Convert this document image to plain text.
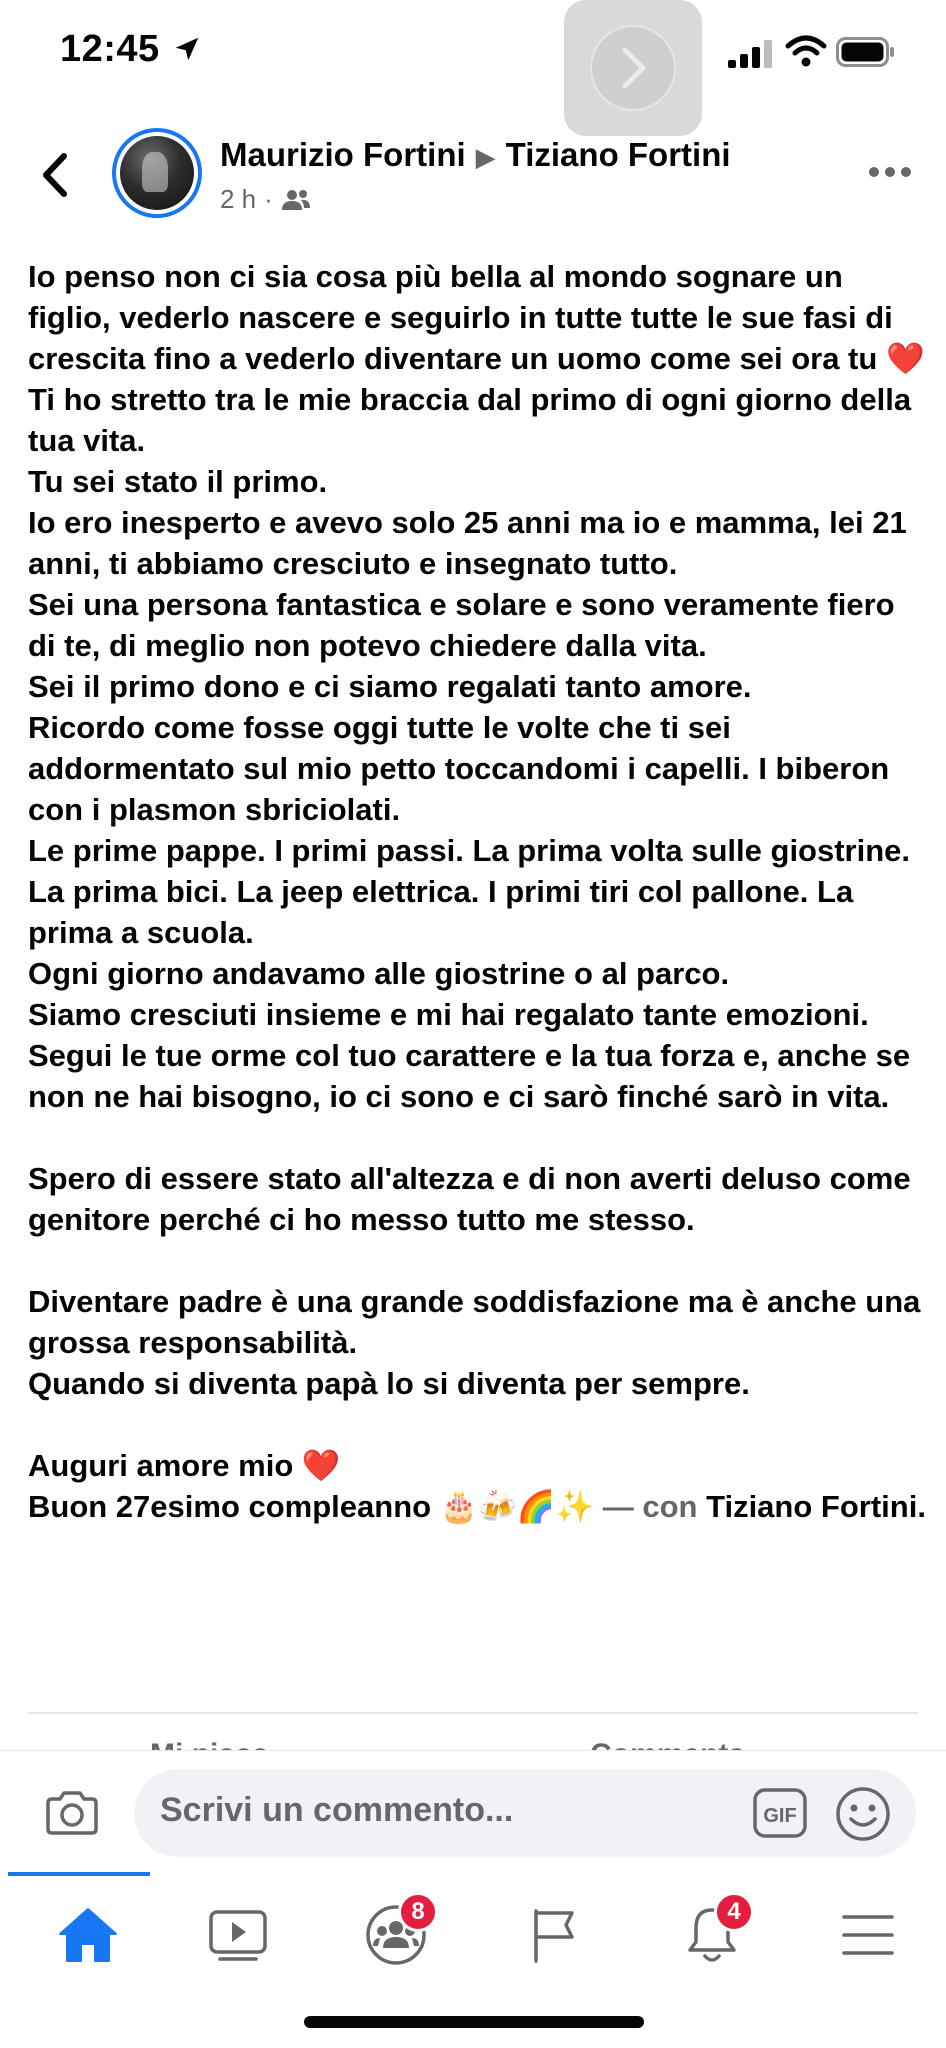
12:45
Maurizio Fortini ▶ Tiziano Fortini
2 h ·

Io penso non ci sia cosa più bella al mondo sognare un figlio, vederlo nascere e seguirlo in tutte tutte le sue fasi di crescita fino a vederlo diventare un uomo come sei ora tu ❤️

Ti ho stretto tra le mie braccia dal primo di ogni giorno della tua vita.

Tu sei stato il primo.

Io ero inesperto e avevo solo 25 anni ma io e mamma, lei 21 anni, ti abbiamo cresciuto e insegnato tutto.

Sei una persona fantastica e solare e sono veramente fiero di te, di meglio non potevo chiedere dalla vita.

Sei il primo dono e ci siamo regalati tanto amore.

Ricordo come fosse oggi tutte le volte che ti sei addormentato sul mio petto toccandomi i capelli. I biberon con i plasmon sbriciolati.

Le prime pappe. I primi passi. La prima volta sulle giostrine. La prima bici. La jeep elettrica. I primi tiri col pallone. La prima a scuola.

Ogni giorno andavamo alle giostrine o al parco.

Siamo cresciuti insieme e mi hai regalato tante emozioni.

Segui le tue orme col tuo carattere e la tua forza e, anche se non ne hai bisogno, io ci sono e ci sarò finché sarò in vita.

Spero di essere stato all'altezza e di non averti deluso come genitore perché ci ho messo tutto me stesso.

Diventare padre è una grande soddisfazione ma è anche una grossa responsabilità.

Quando si diventa papà lo si diventa per sempre.

Auguri amore mio ❤️

Buon 27esimo compleanno 🎂🍻🌈✨ — con Tiziano Fortini.

Scrivi un commento...	GIF
8	4
